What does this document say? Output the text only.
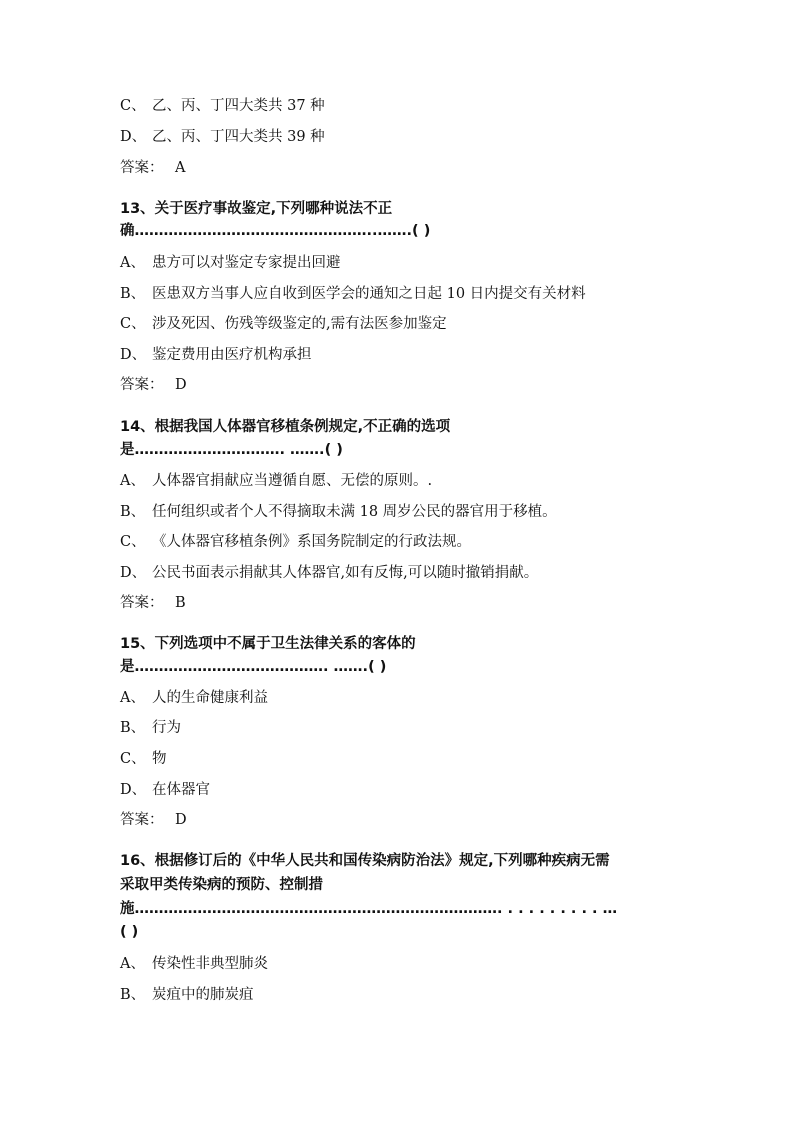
C、 乙、丙、丁四大类共 37 种
D、 乙、丙、丁四大类共 39 种
答案： A
13、关于医疗事故鉴定,下列哪种说法不正
确…………………………………………..…….( )
A、 患方可以对鉴定专家提出回避
B、 医患双方当事人应自收到医学会的通知之日起 10 日内提交有关材料
C、 涉及死因、伤残等级鉴定的,需有法医参加鉴定
D、 鉴定费用由医疗机构承担
答案： D
14、根据我国人体器官移植条例规定,不正确的选项
是…………………………. …….( )
A、 人体器官捐献应当遵循自愿、无偿的原则。.
B、 任何组织或者个人不得摘取未满 18 周岁公民的器官用于移植。
C、 《人体器官移植条例》系国务院制定的行政法规。
D、 公民书面表示捐献其人体器官,如有反悔,可以随时撤销捐献。
答案： B
15、下列选项中不属于卫生法律关系的客体的
是…………………………………. …….( )
A、 人的生命健康利益
B、 行为
C、 物
D、 在体器官
答案： D
16、根据修订后的《中华人民共和国传染病防治法》规定,下列哪种疾病无需
采取甲类传染病的预防、控制措
施…………………………………………………………………. . . . . . . . . . …
( )
A、 传染性非典型肺炎
B、 炭疽中的肺炭疽
